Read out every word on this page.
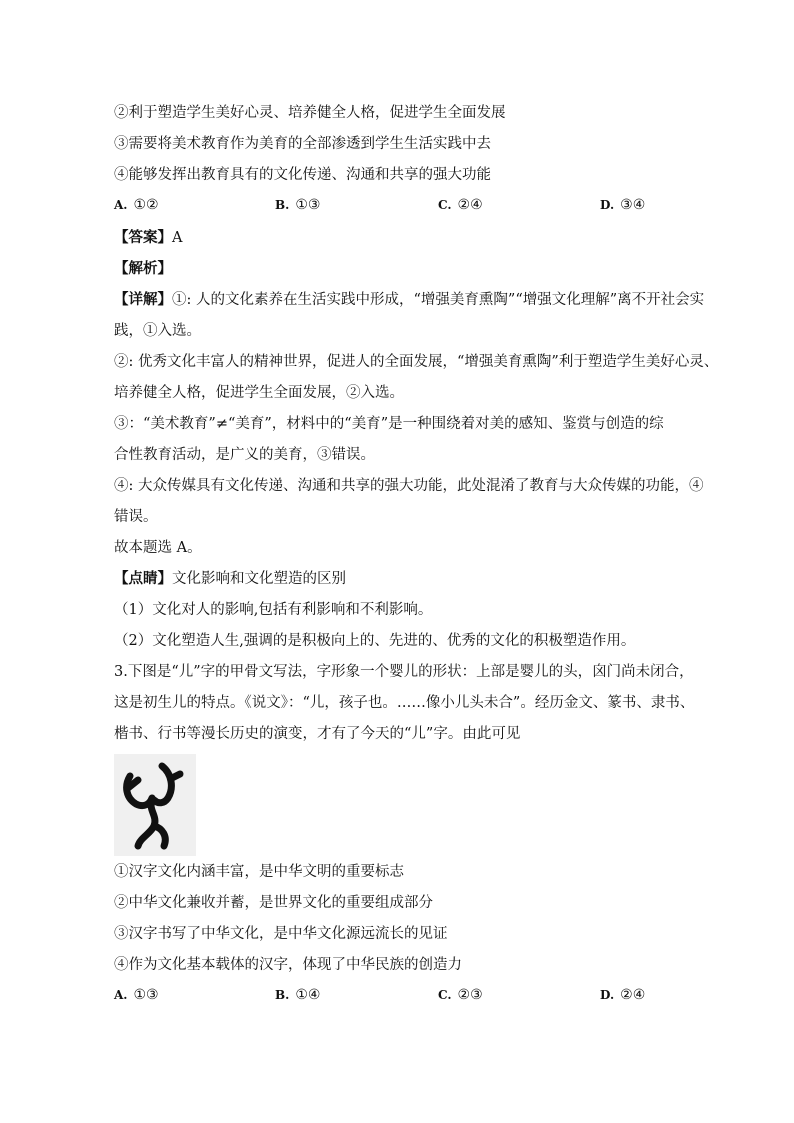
②利于塑造学生美好心灵、培养健全人格，促进学生全面发展
③需要将美术教育作为美育的全部渗透到学生生活实践中去
④能够发挥出教育具有的文化传递、沟通和共享的强大功能
A. ①②	B. ①③	C. ②④	D. ③④
【答案】A
【解析】
【详解】①: 人的文化素养在生活实践中形成，“增强美育熏陶”“增强文化理解”离不开社会实
践，①入选。
②: 优秀文化丰富人的精神世界，促进人的全面发展，“增强美育熏陶”利于塑造学生美好心灵、
培养健全人格，促进学生全面发展，②入选。
③：“美术教育”≠“美育”，材料中的“美育”是一种围绕着对美的感知、鉴赏与创造的综
合性教育活动，是广义的美育，③错误。
④: 大众传媒具有文化传递、沟通和共享的强大功能，此处混淆了教育与大众传媒的功能，④
错误。
故本题选 A。
【点睛】文化影响和文化塑造的区别
（1）文化对人的影响,包括有利影响和不利影响。
（2）文化塑造人生,强调的是积极向上的、先进的、优秀的文化的积极塑造作用。
3.下图是“儿”字的甲骨文写法，字形象一个婴儿的形状：上部是婴儿的头，囟门尚未闭合，
这是初生儿的特点。《说文》：“儿，孩子也。……像小儿头未合”。经历金文、篆书、隶书、
楷书、行书等漫长历史的演变，才有了今天的“儿”字。由此可见
①汉字文化内涵丰富，是中华文明的重要标志
②中华文化兼收并蓄，是世界文化的重要组成部分
③汉字书写了中华文化，是中华文化源远流长的见证
④作为文化基本载体的汉字，体现了中华民族的创造力
A. ①③	B. ①④	C. ②③	D. ②④
